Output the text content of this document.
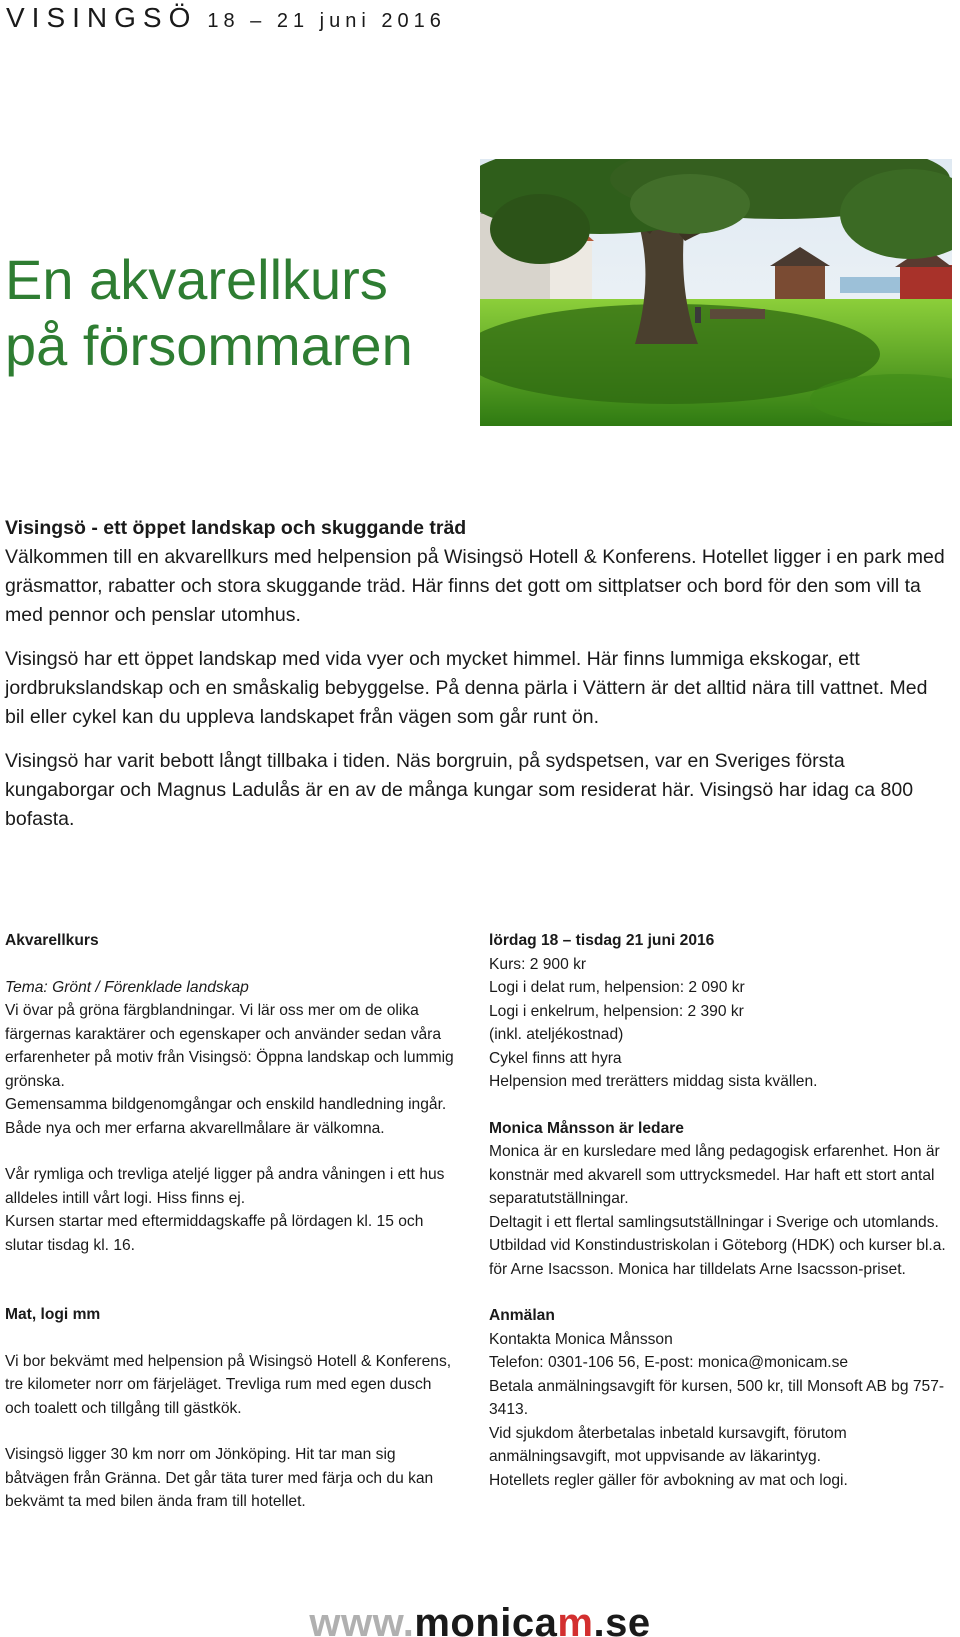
VISINGSÖ 18 – 21 juni 2016
En akvarellkurs
på försommaren

Visingsö - ett öppet landskap och skuggande träd
Välkommen till en akvarellkurs med helpension på Wisingsö Hotell & Konferens. Hotellet ligger i en park med gräsmattor, rabatter och stora skuggande träd. Här finns det gott om sittplatser och bord för den som vill ta med pennor och penslar utomhus.

Visingsö har ett öppet landskap med vida vyer och mycket himmel. Här finns lummiga ekskogar, ett jordbrukslandskap och en småskalig bebyggelse. På denna pärla i Vättern är det alltid nära till vattnet. Med bil eller cykel kan du uppleva landskapet från vägen som går runt ön.

Visingsö har varit bebott långt tillbaka i tiden. Näs borgruin, på sydspetsen, var en Sveriges första kungaborgar och Magnus Ladulås är en av de många kungar som residerat här. Visingsö har idag ca 800 bofasta.

Akvarellkurs

Tema: Grönt / Förenklade landskap

Vi övar på gröna färgblandningar. Vi lär oss mer om de olika färgernas karaktärer och egenskaper och använder sedan våra erfarenheter på motiv från Visingsö: Öppna landskap och lummig grönska.

Gemensamma bildgenomgångar och enskild handledning ingår. Både nya och mer erfarna akvarellmålare är välkomna.

Vår rymliga och trevliga ateljé ligger på andra våningen i ett hus alldeles intill vårt logi. Hiss finns ej.

Kursen startar med eftermiddagskaffe på lördagen kl. 15 och slutar tisdag kl. 16.

Mat, logi mm

Vi bor bekvämt med helpension på Wisingsö Hotell & Konferens, tre kilometer norr om färjeläget. Trevliga rum med egen dusch och toalett och tillgång till gästkök.

Visingsö ligger 30 km norr om Jönköping. Hit tar man sig båtvägen från Gränna. Det går täta turer med färja och du kan bekvämt ta med bilen ända fram till hotellet.

lördag 18 – tisdag 21 juni 2016

Kurs: 2 900 kr

Logi i delat rum, helpension: 2 090 kr

Logi i enkelrum, helpension: 2 390 kr

(inkl. ateljékostnad)

Cykel finns att hyra

Helpension med trerätters middag sista kvällen.

Monica Månsson är ledare

Monica är en kursledare med lång pedagogisk erfarenhet. Hon är konstnär med akvarell som uttrycksmedel. Har haft ett stort antal separatutställningar.

Deltagit i ett flertal samlingsutställningar i Sverige och utomlands.

Utbildad vid Konstindustriskolan i Göteborg (HDK) och kurser bl.a. för Arne Isacsson. Monica har tilldelats Arne Isacsson-priset.

Anmälan

Kontakta Monica Månsson

Telefon: 0301-106 56, E-post: monica@monicam.se

Betala anmälningsavgift för kursen, 500 kr, till Monsoft AB bg 757-3413.

Vid sjukdom återbetalas inbetald kursavgift, förutom anmälningsavgift, mot uppvisande av läkarintyg.

Hotellets regler gäller för avbokning av mat och logi.

www.monicam.se
